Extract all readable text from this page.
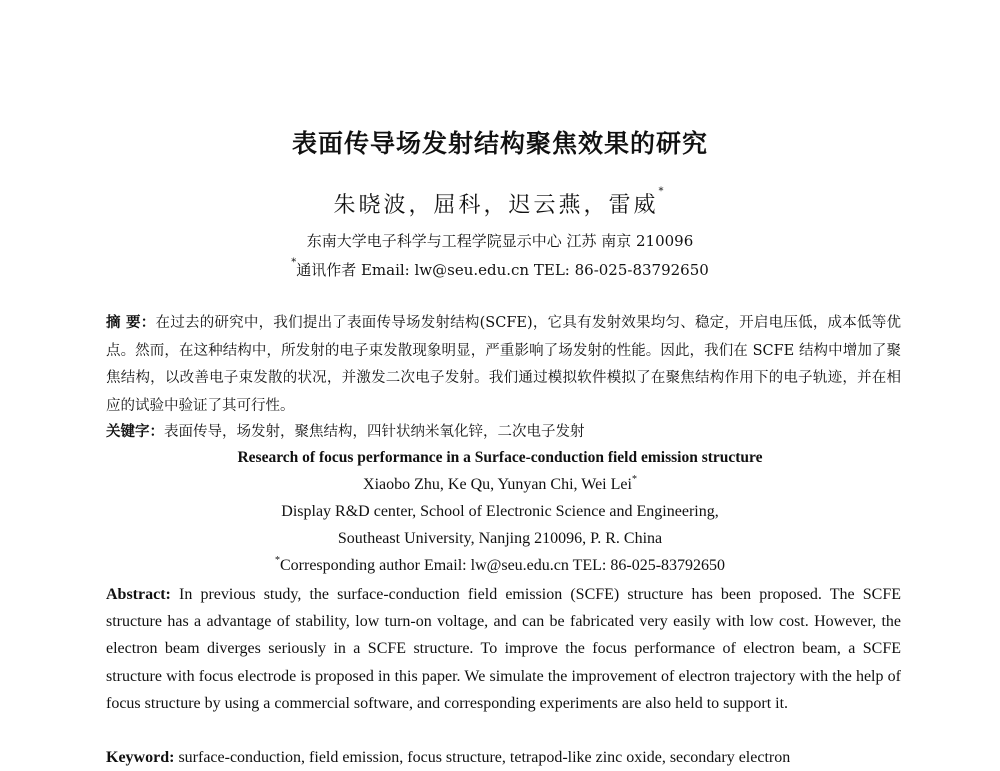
表面传导场发射结构聚焦效果的研究
朱晓波，屈科，迟云燕，雷威*
东南大学电子科学与工程学院显示中心 江苏 南京 210096
*通讯作者 Email: lw@seu.edu.cn TEL: 86-025-83792650
摘 要：在过去的研究中，我们提出了表面传导场发射结构(SCFE)，它具有发射效果均匀、稳定，开启电压低，成本低等优点。然而，在这种结构中，所发射的电子束发散现象明显，严重影响了场发射的性能。因此，我们在 SCFE 结构中增加了聚焦结构，以改善电子束发散的状况，并激发二次电子发射。我们通过模拟软件模拟了在聚焦结构作用下的电子轨迹，并在相应的试验中验证了其可行性。
关键字：表面传导，场发射，聚焦结构，四针状纳米氧化锌，二次电子发射
Research of focus performance in a Surface-conduction field emission structure
Xiaobo Zhu, Ke Qu, Yunyan Chi, Wei Lei*
Display R&D center, School of Electronic Science and Engineering,
Southeast University, Nanjing 210096, P. R. China
*Corresponding author Email: lw@seu.edu.cn TEL: 86-025-83792650
Abstract: In previous study, the surface-conduction field emission (SCFE) structure has been proposed. The SCFE structure has a advantage of stability, low turn-on voltage, and can be fabricated very easily with low cost. However, the electron beam diverges seriously in a SCFE structure. To improve the focus performance of electron beam, a SCFE structure with focus electrode is proposed in this paper. We simulate the improvement of electron trajectory with the help of focus structure by using a commercial software, and corresponding experiments are also held to support it.
Keyword: surface-conduction, field emission, focus structure, tetrapod-like zinc oxide, secondary electron
